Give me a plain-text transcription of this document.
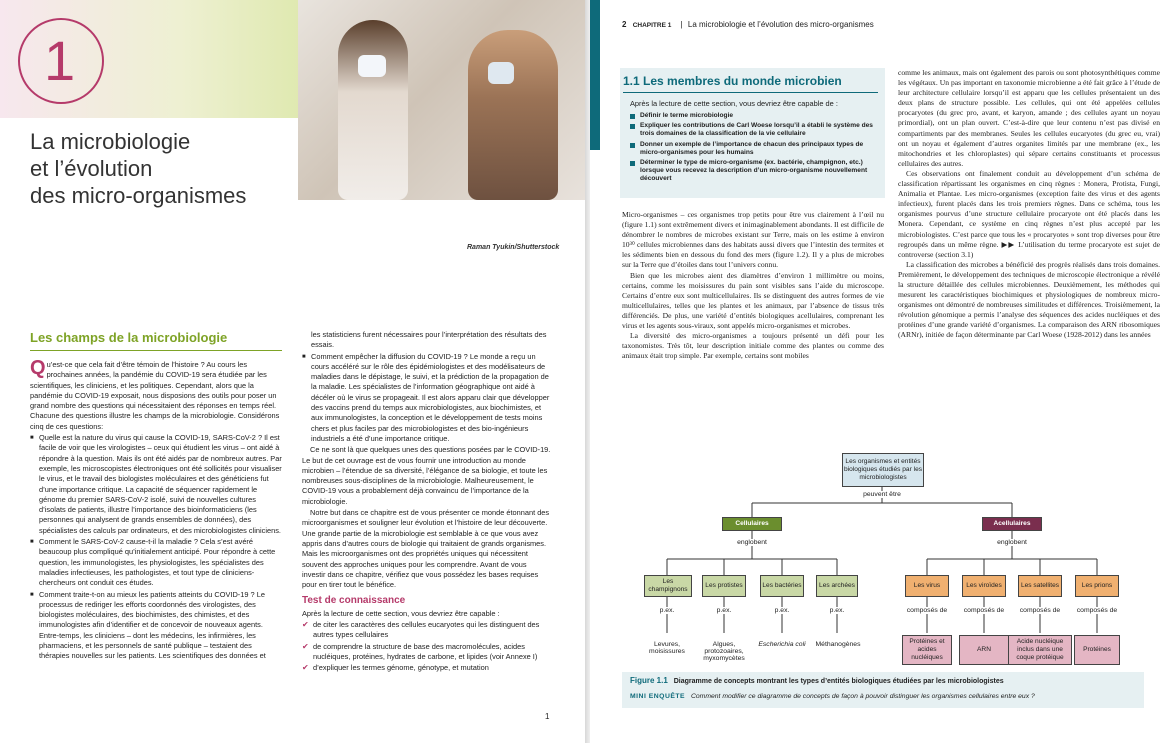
1
La microbiologie
et l’évolution
des micro-organismes
Raman Tyukin/Shutterstock
Les champs de la microbiologie

Qu’est-ce que cela fait d’être témoin de l’histoire ? Au cours les prochaines années, la pandémie du COVID-19 sera étudiée par les scientifiques, les cliniciens, et les politiques. Cependant, alors que la pandémie du COVID-19 exposait, nous disposions des outils pour poser un grand nombre des questions qui nécessitaient des réponses en temps réel. Chacune des questions illustre les champs de la microbiologie. Considérons cinq de ces questions:

■ Quelle est la nature du virus qui cause la COVID-19, SARS-CoV-2 ? Il est facile de voir que les virologistes – ceux qui étudient les virus – ont aidé à répondre à la question. Mais ils ont été aidés par de nombreux autres. Par exemple, les microscopistes électroniques ont été sollicités pour visualiser le virus, et le travail des biologistes moléculaires et des généticiens fut d’une importance critique. La capacité de séquencer rapidement le génome du premier SARS-CoV-2 isolé, suivi de nouvelles cultures d’isolats de patients, illustre l’importance des bioinformaticiens (les personnes qui analysent de grands ensembles de données), des spécialistes des calculs par ordinateurs, et des microbiologistes cliniciens.

■ Comment le SARS-CoV-2 cause-t-il la maladie ? Cela s’est avéré beaucoup plus compliqué qu’initialement anticipé. Pour répondre à cette question, les immunologistes, les physiologistes, les spécialistes des maladies infectieuses, les pathologistes, et tout type de cliniciens-chercheurs ont conduit ces études.

■ Comment traite-t-on au mieux les patients atteints du COVID-19 ? Le processus de rediriger les efforts coordonnés des virologistes, des biologistes moléculaires, des biochimistes, des chimistes, et des immunologistes afin d’identifier et de concevoir de nouveaux agents. Entre-temps, les cliniciens – dont les médecins, les infirmières, les pharmaciens, et les personnels de santé publique – testaient des thérapies nouvelles sur les patients. Les scientifiques des données et

les statisticiens furent nécessaires pour l’interprétation des résultats des essais.

■ Comment empêcher la diffusion du COVID-19 ? Le monde a reçu un cours accéléré sur le rôle des épidémiologistes et des modélisateurs de maladies dans le dépistage, le suivi, et la prédiction de la propagation de la maladie. Les spécialistes de l’information géographique ont aidé à décéler où le virus se propageait. Il est alors apparu clair que développer des vaccins prend du temps aux microbiologistes, aux biochimistes, et aux immunologistes, la conception et le développement de tests moins chers et plus faciles par des microbiologistes et des bio-ingénieurs industriels a été d’une importance critique.

Ce ne sont là que quelques unes des questions posées par le COVID-19. Le but de cet ouvrage est de vous fournir une introduction au monde microbien – l’étendue de sa diversité, l’élégance de sa biologie, et toute les nombreuses sous-disciplines de la microbiologie. Malheureusement, le COVID-19 vous a probablement déjà convaincu de l’importance de la microbiologie.

Notre but dans ce chapitre est de vous présenter ce monde étonnant des microorganismes et souligner leur évolution et l’histoire de leur découverte. Une grande partie de la microbiologie est semblable à ce que vous avez appris dans d’autres cours de biologie qui traitaient de grands organismes. Mais les microorganismes ont des propriétés uniques qui nécessitent souvent des approches uniques pour les comprendre. Avant de vous investir dans ce chapitre, vérifiez que vous possédez les bases requises pour en tirer tout le bénéfice.

Test de connaissance

Après la lecture de cette section, vous devriez être capable :

✔ de citer les caractères des cellules eucaryotes qui les distinguent des autres types cellulaires

✔ de comprendre la structure de base des macromolécules, acides nucléiques, protéines, hydrates de carbone, et lipides (voir Annexe I)

✔ d’expliquer les termes génome, génotype, et mutation

1
2 CHAPITRE 1 | La microbiologie et l’évolution des micro-organismes
1.1 Les membres du monde microbien
Après la lecture de cette section, vous devriez être capable de :
Définir le terme microbiologie
Expliquer les contributions de Carl Woese lorsqu’il a établi le système des trois domaines de la classification de la vie cellulaire
Donner un exemple de l’importance de chacun des principaux types de micro-organismes pour les humains
Déterminer le type de micro-organisme (ex. bactérie, champignon, etc.) lorsque vous recevez la description d’un micro-organisme nouvellement découvert

Micro-organismes – ces organismes trop petits pour être vus clairement à l’œil nu (figure 1.1) sont extrêmement divers et inimaginablement abondants. Il est difficile de dénombrer le nombres de microbes existant sur Terre, mais on les estime à environ 10³⁰ cellules microbiennes dans des habitats aussi divers que l’intestin des termites et les sédiments bien en dessous du fond des mers (figure 1.2). Il y a plus de microbes sur la Terre que d’étoiles dans tout l’univers connu.

Bien que les microbes aient des diamètres d’environ 1 millimètre ou moins, certains, comme les moisissures du pain sont visibles sans l’aide du microscope. Certains d’entre eux sont multicellulaires. Ils se distinguent des autres formes de vie multicellulaires, telles que les plantes et les animaux, par l’absence de tissus très différenciés. De plus, une variété d’entités biologiques acellulaires, comprenant les virus et les agents sous-viraux, sont appelés micro-organismes et microbes.

La diversité des micro-organismes a toujours présenté un défi pour les taxonomistes. Très tôt, leur description initiale comme des plantes ou comme des animaux était trop simple. Par exemple, certains sont mobiles

comme les animaux, mais ont également des parois ou sont photosynthétiques comme les végétaux. Un pas important en taxonomie microbienne a été fait grâce à l’étude de leur architecture cellulaire lorsqu’il est apparu que les cellules présentaient un des deux plans de structure possible. Les cellules, qui ont été appelées cellules procaryotes (du grec pro, avant, et karyon, amande ; des cellules ayant un noyau primordial), ont un plan ouvert. C’est-à-dire que leur contenu n’est pas divisé en compartiments par des membranes. Seules les cellules eucaryotes (du grec eu, vrai) ont un noyau et également d’autres organites limités par une membrane (ex., les mitochondries et les chloroplastes) qui sépare certains constituants et processus cellulaires des autres.

Ces observations ont finalement conduit au développement d’un schéma de classification répartissant les organismes en cinq règnes : Monera, Protista, Fungi, Animalia et Plantae. Les micro-organismes (exception faite des virus et des agents infectieux), furent placés dans les trois premiers règnes. Dans ce schéma, tous les organismes pourvus d’une structure cellulaire procaryote ont été placés dans les Monera. Cependant, ce système en cinq règnes n’est plus accepté par les microbiologistes. C’est parce que tous les « procaryotes » sont trop diverses pour être regroupés dans un même règne. ▶▶ L’utilisation du terme procaryote est sujet de controverse (section 3.1)

La classification des microbes a bénéficié des progrès réalisés dans trois domaines. Premièrement, le développement des techniques de microscopie électronique a révélé la structure détaillée des cellules microbiennes. Deuxièmement, les méthodes qui mesurent les caractéristiques biochimiques et physiologiques de nombreux micro-organismes ont démontré de nombreuses similitudes et différences. Troisièmement, la révolution génomique a permis l’analyse des séquences des acides nucléiques et des protéines d’une grande variété d’organismes. La comparaison des ARN ribosomiques (ARNr), initiée de façon déterminante par Carl Woese (1928-2012) dans les années

Les organismes et entités biologiques étudiés par les microbiologistes
peuvent être
Cellulaires	Acellulaires
englobent	englobent
Les champignons
Les protistes	Les bactéries	Les archées	Les virus	Les viroïdes	Les satellites	Les prions
p.ex.	p.ex.	p.ex.	p.ex.	composés de	composés de	composés de	composés de
Levures, moisissures
Algues, protozoaires, myxomycètes
Escherichia coli	Méthanogènes	Protéines et acides nucléiques
ARN
Acide nucléique inclus dans une coque protéique
Protéines
Figure 1.1 Diagramme de concepts montrant les types d’entités biologiques étudiées par les microbiologistes
MINI ENQUÊTE Comment modifier ce diagramme de concepts de façon à pouvoir distinguer les organismes cellulaires entre eux ?
